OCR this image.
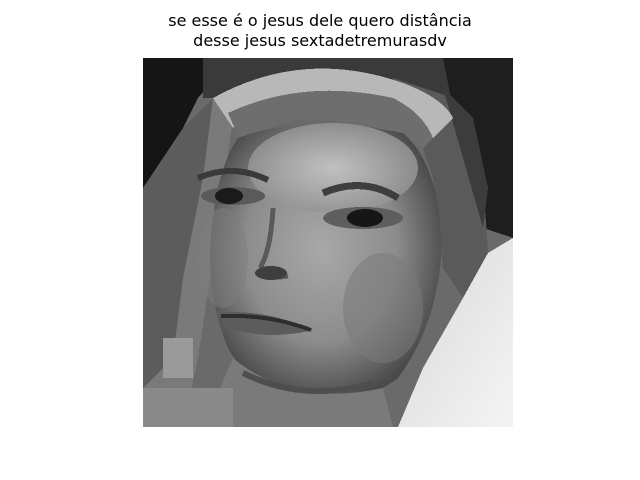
se esse é o jesus dele quero distância
desse jesus sextadetremurasdv
